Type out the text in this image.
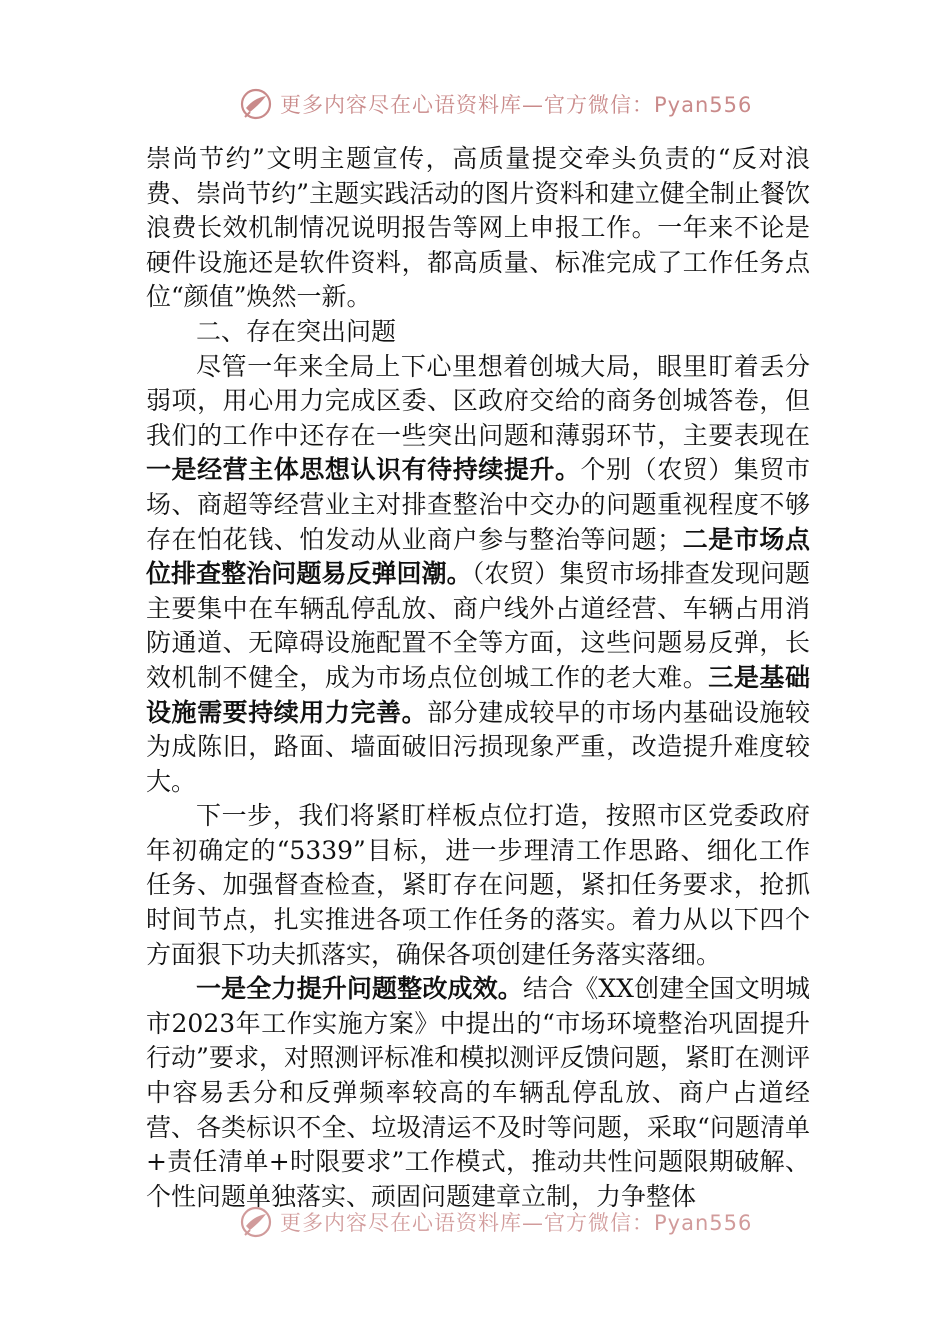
更多内容尽在心语资料库—官方微信：Pyan556

崇尚节约”文明主题宣传，高质量提交牵头负责的“反对浪费、崇尚节约”主题实践活动的图片资料和建立健全制止餐饮浪费长效机制情况说明报告等网上申报工作。一年来不论是硬件设施还是软件资料，都高质量、标准完成了工作任务点位“颜值”焕然一新。

二、存在突出问题

尽管一年来全局上下心里想着创城大局，眼里盯着丢分弱项，用心用力完成区委、区政府交给的商务创城答卷，但我们的工作中还存在一些突出问题和薄弱环节，主要表现在一是经营主体思想认识有待持续提升。个别（农贸）集贸市场、商超等经营业主对排查整治中交办的问题重视程度不够存在怕花钱、怕发动从业商户参与整治等问题；二是市场点位排查整治问题易反弹回潮。（农贸）集贸市场排查发现问题主要集中在车辆乱停乱放、商户线外占道经营、车辆占用消防通道、无障碍设施配置不全等方面，这些问题易反弹，长效机制不健全，成为市场点位创城工作的老大难。三是基础设施需要持续用力完善。部分建成较早的市场内基础设施较为成陈旧，路面、墙面破旧污损现象严重，改造提升难度较大。

下一步，我们将紧盯样板点位打造，按照市区党委政府年初确定的“5339”目标，进一步理清工作思路、细化工作任务、加强督查检查，紧盯存在问题，紧扣任务要求，抢抓时间节点，扎实推进各项工作任务的落实。着力从以下四个方面狠下功夫抓落实，确保各项创建任务落实落细。

一是全力提升问题整改成效。结合《XX创建全国文明城市2023年工作实施方案》中提出的“市场环境整治巩固提升行动”要求，对照测评标准和模拟测评反馈问题，紧盯在测评中容易丢分和反弹频率较高的车辆乱停乱放、商户占道经营、各类标识不全、垃圾清运不及时等问题，采取“问题清单+责任清单+时限要求”工作模式，推动共性问题限期破解、个性问题单独落实、顽固问题建章立制，力争整体

更多内容尽在心语资料库—官方微信：Pyan556
